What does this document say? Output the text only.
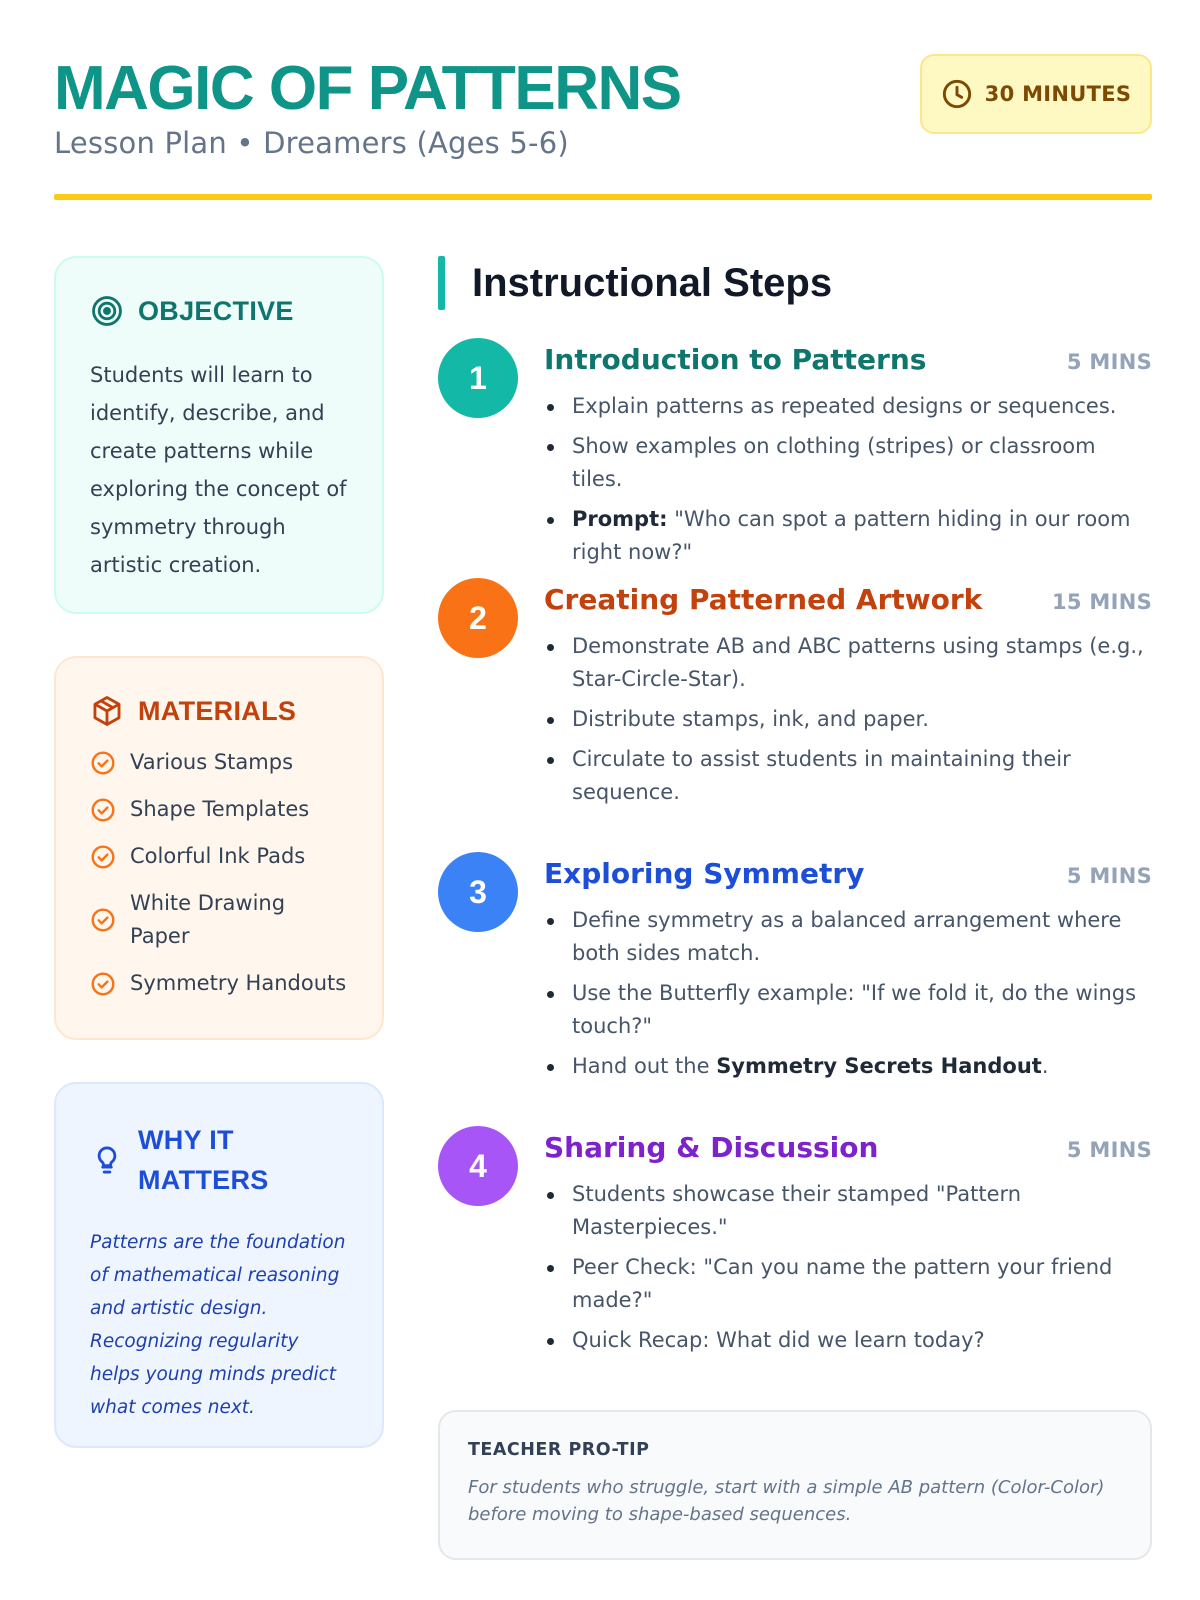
MAGIC OF PATTERNS
Lesson Plan • Dreamers (Ages 5-6)
30 MINUTES
OBJECTIVE

Students will learn to identify, describe, and create patterns while exploring the concept of symmetry through artistic creation.

MATERIALS
Various Stamps
Shape Templates
Colorful Ink Pads
White Drawing Paper
Symmetry Handouts
WHY IT MATTERS

Patterns are the foundation of mathematical reasoning and artistic design. Recognizing regularity helps young minds predict what comes next.

Instructional Steps
1	Introduction to Patterns	5 MINS
Explain patterns as repeated designs or sequences.
Show examples on clothing (stripes) or classroom tiles.
Prompt: "Who can spot a pattern hiding in our room right now?"
2	Creating Patterned Artwork	15 MINS
Demonstrate AB and ABC patterns using stamps (e.g., Star-Circle-Star).
Distribute stamps, ink, and paper.
Circulate to assist students in maintaining their sequence.
3	Exploring Symmetry	5 MINS
Define symmetry as a balanced arrangement where both sides match.
Use the Butterfly example: "If we fold it, do the wings touch?"
Hand out the Symmetry Secrets Handout.
4	Sharing & Discussion	5 MINS
Students showcase their stamped "Pattern Masterpieces."
Peer Check: "Can you name the pattern your friend made?"
Quick Recap: What did we learn today?
TEACHER PRO-TIP

For students who struggle, start with a simple AB pattern (Color-Color) before moving to shape-based sequences.
